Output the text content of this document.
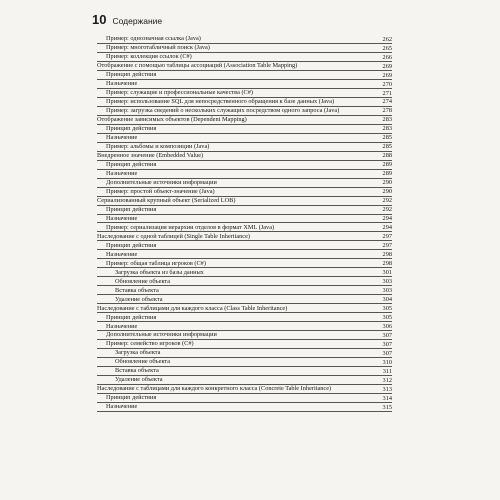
10 Содержание
Пример: однозначная ссылка (Java)	262
Пример: многотабличный поиск (Java)	265
Пример: коллекция ссылок (C#)	266
Отображение с помощью таблицы ассоциаций (Association Table Mapping)	269
Принцип действия	269
Назначение	270
Пример: служащие и профессиональные качества (C#)	271
Пример: использование SQL для непосредственного обращения к базе данных (Java)	274
Пример: загрузка сведений о нескольких служащих посредством одного запроса (Java)	278
Отображение зависимых объектов (Dependent Mapping)	283
Принцип действия	283
Назначение	285
Пример: альбомы и композиции (Java)	285
Внедренное значение (Embedded Value)	288
Принцип действия	289
Назначение	289
Дополнительные источники информации	290
Пример: простой объект-значение (Java)	290
Сериализованный крупный объект (Serialized LOB)	292
Принцип действия	292
Назначение	294
Пример: сериализация иерархии отделов в формат XML (Java)	294
Наследование с одной таблицей (Single Table Inheritance)	297
Принцип действия	297
Назначение	298
Пример: общая таблица игроков (C#)	298
Загрузка объекта из базы данных	301
Обновление объекта	303
Вставка объекта	303
Удаление объекта	304
Наследование с таблицами для каждого класса (Class Table Inheritance)	305
Принцип действия	305
Назначение	306
Дополнительные источники информации	307
Пример: семейство игроков (C#)	307
Загрузка объекта	307
Обновление объекта	310
Вставка объекта	311
Удаление объекта	312
Наследование с таблицами для каждого конкретного класса (Concrete Table Inheritance)	313
Принцип действия	314
Назначение	315
